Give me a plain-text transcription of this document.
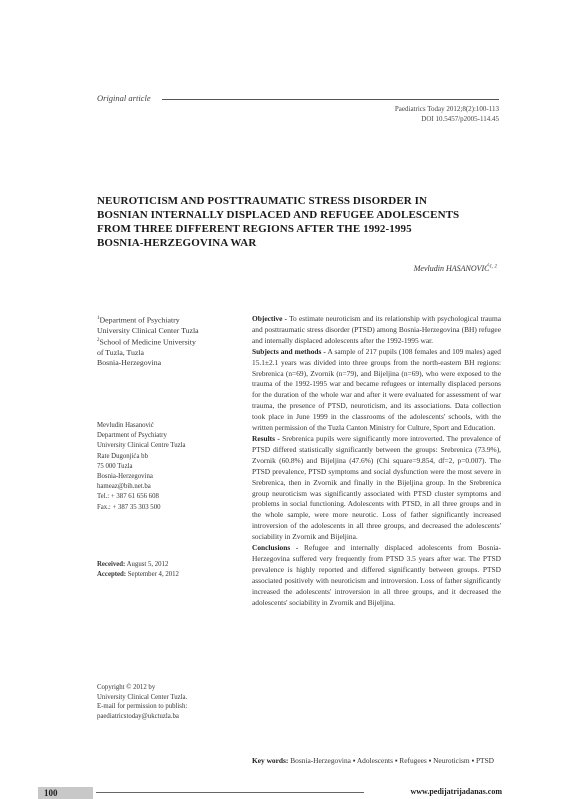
Original article
Paediatrics Today 2012;8(2):100-113
DOI 10.5457/p2005-114.45
NEUROTICISM AND POSTTRAUMATIC STRESS DISORDER IN
BOSNIAN INTERNALLY DISPLACED AND REFUGEE ADOLESCENTS
FROM THREE DIFFERENT REGIONS AFTER THE 1992-1995
BOSNIA-HERZEGOVINA WAR
Mevludin HASANOVIĆ$^{1, 2}$
$^1$Department of Psychiatry
University Clinical Center Tuzla
$^2$School of Medicine University
of Tuzla, Tuzla
Bosnia-Herzegovina
Mevludin Hasanović
Department of Psychiatry
University Clinical Centre Tuzla
Rate Dugonjića bb
75 000 Tuzla
Bosnia-Herzegovina
hameaz@bih.net.ba
Tel.: + 387 61 656 608
Fax.: + 387 35 303 500
Received: August 5, 2012
Accepted: September 4, 2012
Copyright © 2012 by
University Clinical Center Tuzla.
E-mail for permission to publish:
paediatricstoday@ukctuzla.ba

Objective - To estimate neuroticism and its relationship with psychological trauma and posttraumatic stress disorder (PTSD) among Bosnia-Herzegovina (BH) refugee and internally displaced adolescents after the 1992-1995 war.

Subjects and methods - A sample of 217 pupils (108 females and 109 males) aged 15.1±2.1 years was divided into three groups from the north-eastern BH regions: Srebrenica (n=69), Zvornik (n=79), and Bijeljina (n=69), who were exposed to the trauma of the 1992-1995 war and became refugees or internally displaced persons for the duration of the whole war and after it were evaluated for assessment of war trauma, the presence of PTSD, neuroticism, and its associations. Data collection took place in June 1999 in the classrooms of the adolescents' schools, with the written permission of the Tuzla Canton Ministry for Culture, Sport and Education.

Results - Srebrenica pupils were significantly more introverted. The prevalence of PTSD differed statistically significantly between the groups: Srebrenica (73.9%), Zvornik (60.8%) and Bijeljina (47.6%) (Chi square=9.854, df=2, p=0.007). The PTSD prevalence, PTSD symptoms and social dysfunction were the most severe in Srebrenica, then in Zvornik and finally in the Bijeljina group. In the Srebrenica group neuroticism was significantly associated with PTSD cluster symptoms and problems in social functioning. Adolescents with PTSD, in all three groups and in the whole sample, were more neurotic. Loss of father significantly increased introversion of the adolescents in all three groups, and decreased the adolescents' sociability in Zvornik and Bijeljina.

Conclusions - Refugee and internally displaced adolescents from Bosnia-Herzegovina suffered very frequently from PTSD 3.5 years after war. The PTSD prevalence is highly reported and differed significantly between groups. PTSD associated positively with neuroticism and introversion. Loss of father significantly increased the adolescents' introversion in all three groups, and it decreased the adolescents' sociability in Zvornik and Bijeljina.

Key words: Bosnia-Herzegovina ▪ Adolescents ▪ Refugees ▪ Neuroticism ▪ PTSD
100	www.pedijatrijadanas.com
